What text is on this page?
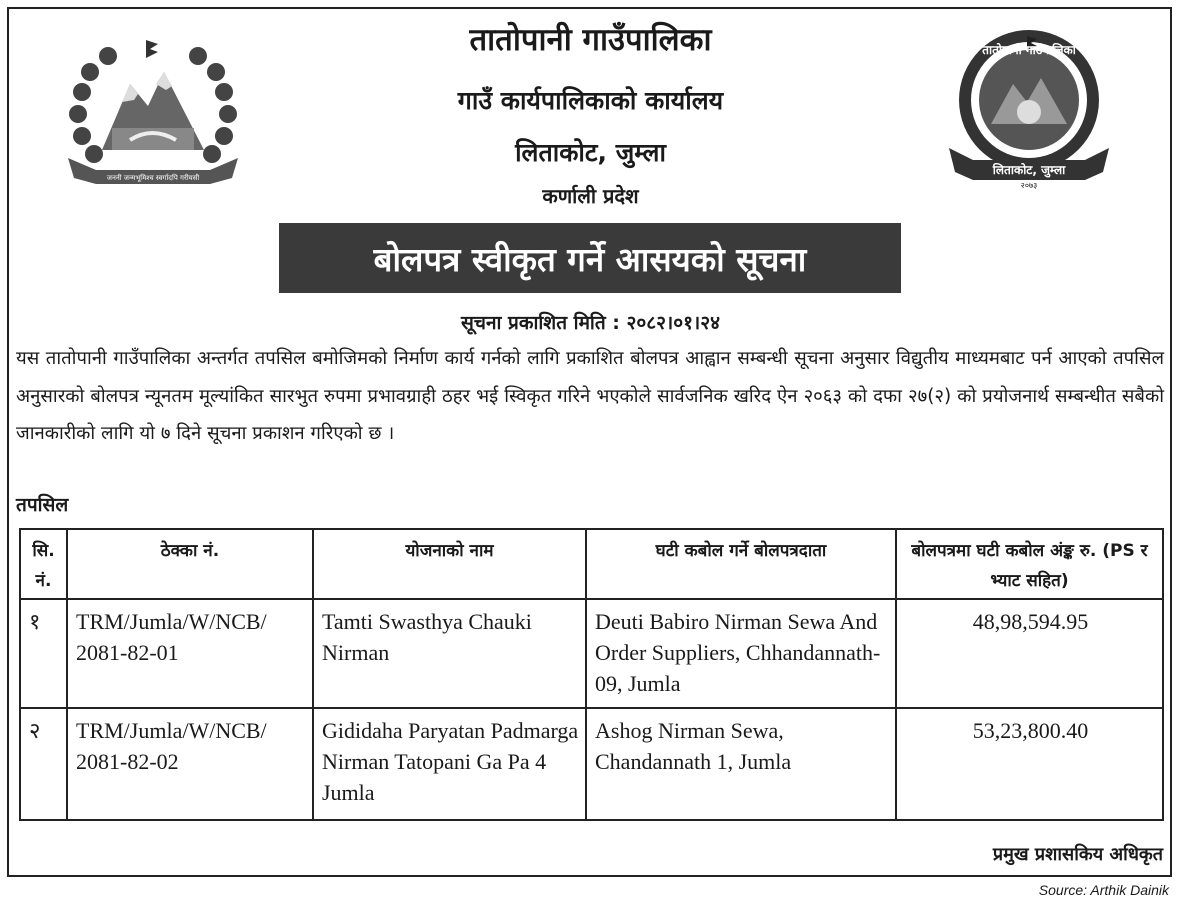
जननी जन्मभूमिश्च स्वर्गादपि गरीयसी
तातोपानी गाउँपालिका
लिताकोट, जुम्ला
२०७३
तातोपानी गाउँपालिका
गाउँ कार्यपालिकाको कार्यालय
लिताकोट, जुम्ला
कर्णाली प्रदेश
बोलपत्र स्वीकृत गर्ने आसयको सूचना
सूचना प्रकाशित मिति : २०८२।०१।२४

यस तातोपानी गाउँपालिका अन्तर्गत तपसिल बमोजिमको निर्माण कार्य गर्नको लागि प्रकाशित बोलपत्र आह्वान सम्बन्धी सूचना अनुसार विद्युतीय माध्यमबाट पर्न आएको तपसिल अनुसारको बोलपत्र न्यूनतम मूल्यांकित सारभुत रुपमा प्रभावग्राही ठहर भई स्विकृत गरिने भएकोले सार्वजनिक खरिद ऐन २०६३ को दफा २७(२) को प्रयोजनार्थ सम्बन्धीत सबैको जानकारीको लागि यो ७ दिने सूचना प्रकाशन गरिएको छ ।

तपसिल
सि. नं.	ठेक्का नं.	योजनाको नाम	घटी कबोल गर्ने बोलपत्रदाता	बोलपत्रमा घटी कबोल अंङ्क रु. (PS र भ्याट सहित)
१	TRM/Jumla/W/NCB/ 2081-82-01	Tamti Swasthya Chauki Nirman	Deuti Babiro Nirman Sewa And Order Suppliers, Chhandannath- 09, Jumla	48,98,594.95
२	TRM/Jumla/W/NCB/ 2081-82-02	Gididaha Paryatan Padmarga Nirman Tatopani Ga Pa 4 Jumla	Ashog Nirman Sewa, Chandannath 1, Jumla	53,23,800.40
प्रमुख प्रशासकिय अधिकृत
Source: Arthik Dainik
